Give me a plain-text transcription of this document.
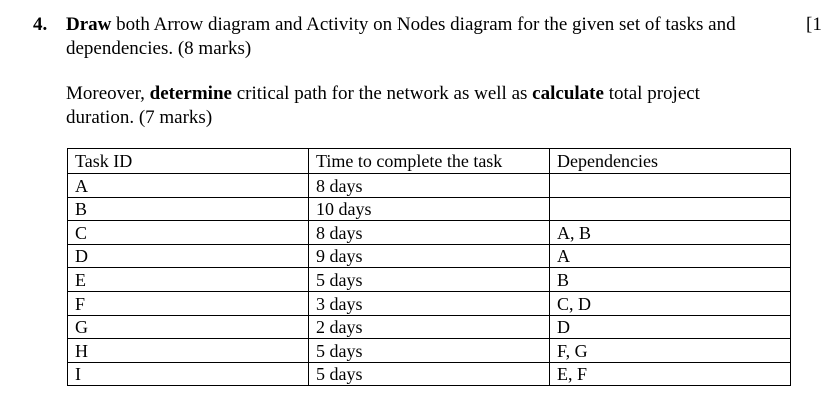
4. Draw both Arrow diagram and Activity on Nodes diagram for the given set of tasks and dependencies. (8 marks)

[1

Moreover, determine critical path for the network as well as calculate total project duration. (7 marks)

Task ID	Time to complete the task	Dependencies
A	8 days	
B	10 days	
C	8 days	A, B
D	9 days	A
E	5 days	B
F	3 days	C, D
G	2 days	D
H	5 days	F, G
I	5 days	E, F
